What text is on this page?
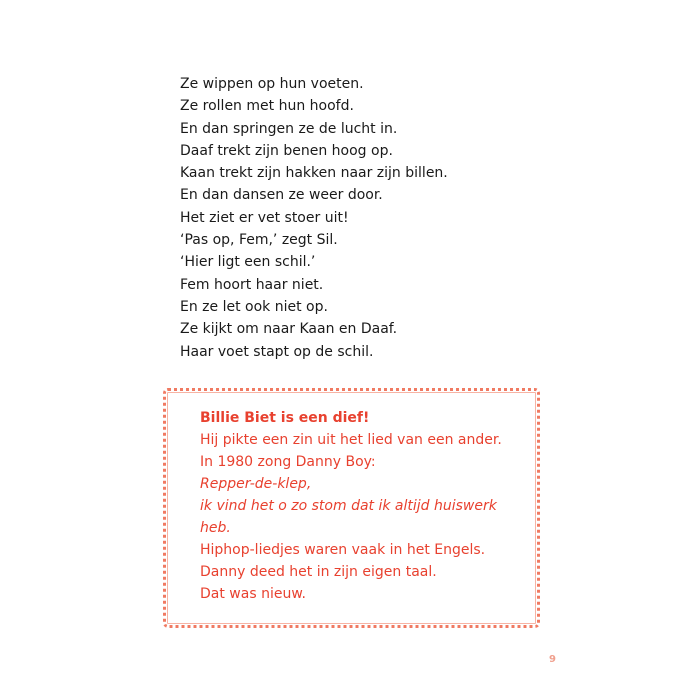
Ze wippen op hun voeten.
Ze rollen met hun hoofd.
En dan springen ze de lucht in.
Daaf trekt zijn benen hoog op.
Kaan trekt zijn hakken naar zijn billen.
En dan dansen ze weer door.
Het ziet er vet stoer uit!
‘Pas op, Fem,’ zegt Sil.
‘Hier ligt een schil.’
Fem hoort haar niet.
En ze let ook niet op.
Ze kijkt om naar Kaan en Daaf.
Haar voet stapt op de schil.
Billie Biet is een dief!
Hij pikte een zin uit het lied van een ander.
In 1980 zong Danny Boy:
Repper-de-klep,
ik vind het o zo stom dat ik altijd huiswerk
heb.
Hiphop-liedjes waren vaak in het Engels.
Danny deed het in zijn eigen taal.
Dat was nieuw.
9
